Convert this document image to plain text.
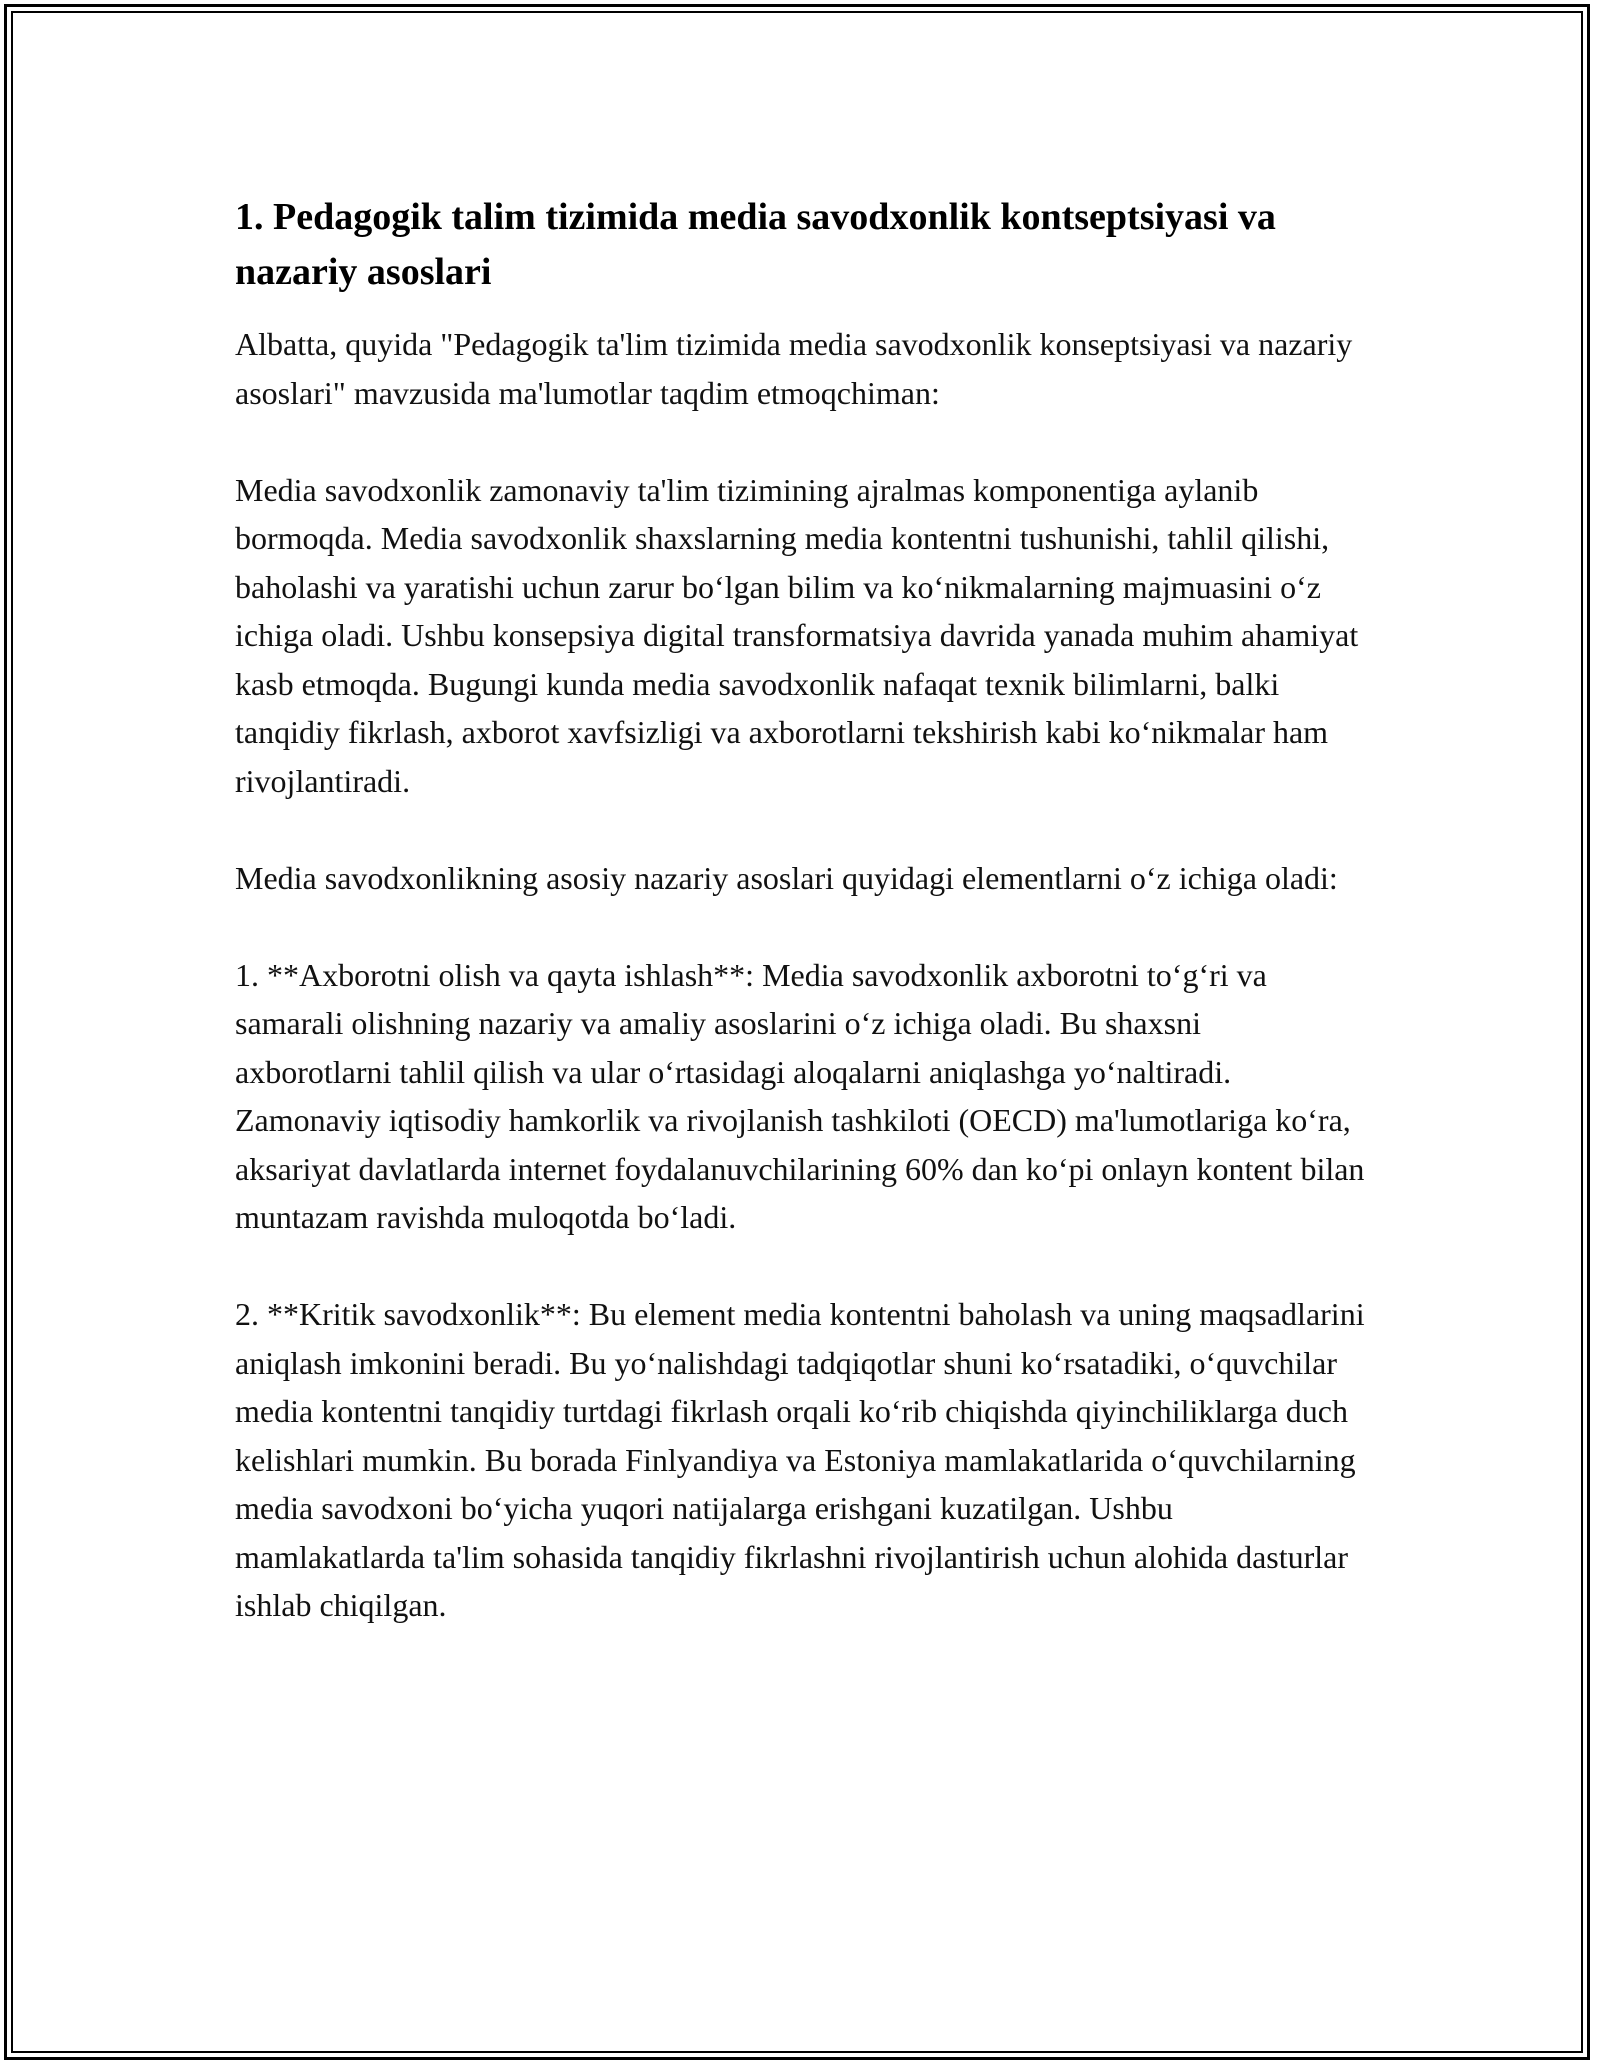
1. Pedagogik talim tizimida media savodxonlik kontseptsiyasi va nazariy asoslari

Albatta, quyida "Pedagogik ta'lim tizimida media savodxonlik konseptsiyasi va nazariy asoslari" mavzusida ma'lumotlar taqdim etmoqchiman:

Media savodxonlik zamonaviy ta'lim tizimining ajralmas komponentiga aylanib bormoqda. Media savodxonlik shaxslarning media kontentni tushunishi, tahlil qilishi, baholashi va yaratishi uchun zarur bo‘lgan bilim va ko‘nikmalarning majmuasini o‘z ichiga oladi. Ushbu konsepsiya digital transformatsiya davrida yanada muhim ahamiyat kasb etmoqda. Bugungi kunda media savodxonlik nafaqat texnik bilimlarni, balki tanqidiy fikrlash, axborot xavfsizligi va axborotlarni tekshirish kabi ko‘nikmalar ham rivojlantiradi.

Media savodxonlikning asosiy nazariy asoslari quyidagi elementlarni o‘z ichiga oladi:

1. **Axborotni olish va qayta ishlash**: Media savodxonlik axborotni to‘g‘ri va samarali olishning nazariy va amaliy asoslarini o‘z ichiga oladi. Bu shaxsni axborotlarni tahlil qilish va ular o‘rtasidagi aloqalarni aniqlashga yo‘naltiradi. Zamonaviy iqtisodiy hamkorlik va rivojlanish tashkiloti (OECD) ma'lumotlariga ko‘ra, aksariyat davlatlarda internet foydalanuvchilarining 60% dan ko‘pi onlayn kontent bilan muntazam ravishda muloqotda bo‘ladi.

2. **Kritik savodxonlik**: Bu element media kontentni baholash va uning maqsadlarini aniqlash imkonini beradi. Bu yo‘nalishdagi tadqiqotlar shuni ko‘rsatadiki, o‘quvchilar media kontentni tanqidiy turtdagi fikrlash orqali ko‘rib chiqishda qiyinchiliklarga duch kelishlari mumkin. Bu borada Finlyandiya va Estoniya mamlakatlarida o‘quvchilarning media savodxoni bo‘yicha yuqori natijalarga erishgani kuzatilgan. Ushbu mamlakatlarda ta'lim sohasida tanqidiy fikrlashni rivojlantirish uchun alohida dasturlar ishlab chiqilgan.
